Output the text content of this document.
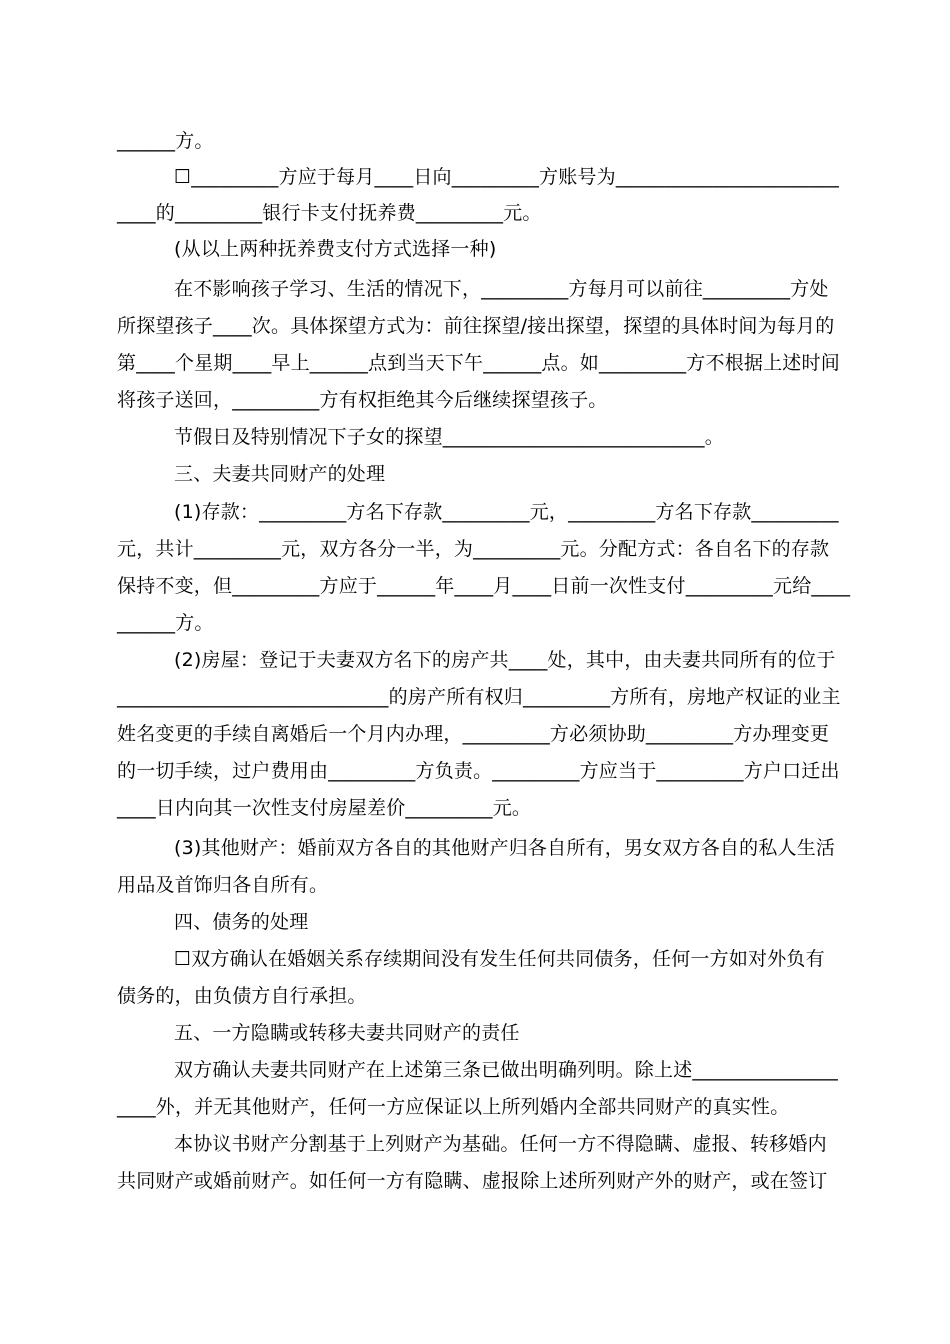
______方。
☐_________方应于每月____日向_________方账号为_______________________
____的_________银行卡支付抚养费_________元。
(从以上两种抚养费支付方式选择一种)
在不影响孩子学习、生活的情况下，_________方每月可以前往_________方处
所探望孩子____次。具体探望方式为：前往探望/接出探望，探望的具体时间为每月的
第____个星期____早上______点到当天下午______点。如_________方不根据上述时间
将孩子送回，_________方有权拒绝其今后继续探望孩子。
节假日及特别情况下子女的探望___________________________。
三、夫妻共同财产的处理
(1)存款：_________方名下存款_________元，_________方名下存款_________
元，共计_________元，双方各分一半，为_________元。分配方式：各自名下的存款
保持不变，但_________方应于______年____月____日前一次性支付_________元给____
______方。
(2)房屋：登记于夫妻双方名下的房产共____处，其中，由夫妻共同所有的位于
____________________________的房产所有权归_________方所有，房地产权证的业主
姓名变更的手续自离婚后一个月内办理，_________方必须协助_________方办理变更
的一切手续，过户费用由_________方负责。_________方应当于_________方户口迁出
____日内向其一次性支付房屋差价_________元。
(3)其他财产：婚前双方各自的其他财产归各自所有，男女双方各自的私人生活
用品及首饰归各自所有。
四、债务的处理
☐双方确认在婚姻关系存续期间没有发生任何共同债务，任何一方如对外负有
债务的，由负债方自行承担。
五、一方隐瞒或转移夫妻共同财产的责任
双方确认夫妻共同财产在上述第三条已做出明确列明。除上述_______________
____外，并无其他财产，任何一方应保证以上所列婚内全部共同财产的真实性。
本协议书财产分割基于上列财产为基础。任何一方不得隐瞒、虚报、转移婚内
共同财产或婚前财产。如任何一方有隐瞒、虚报除上述所列财产外的财产，或在签订
